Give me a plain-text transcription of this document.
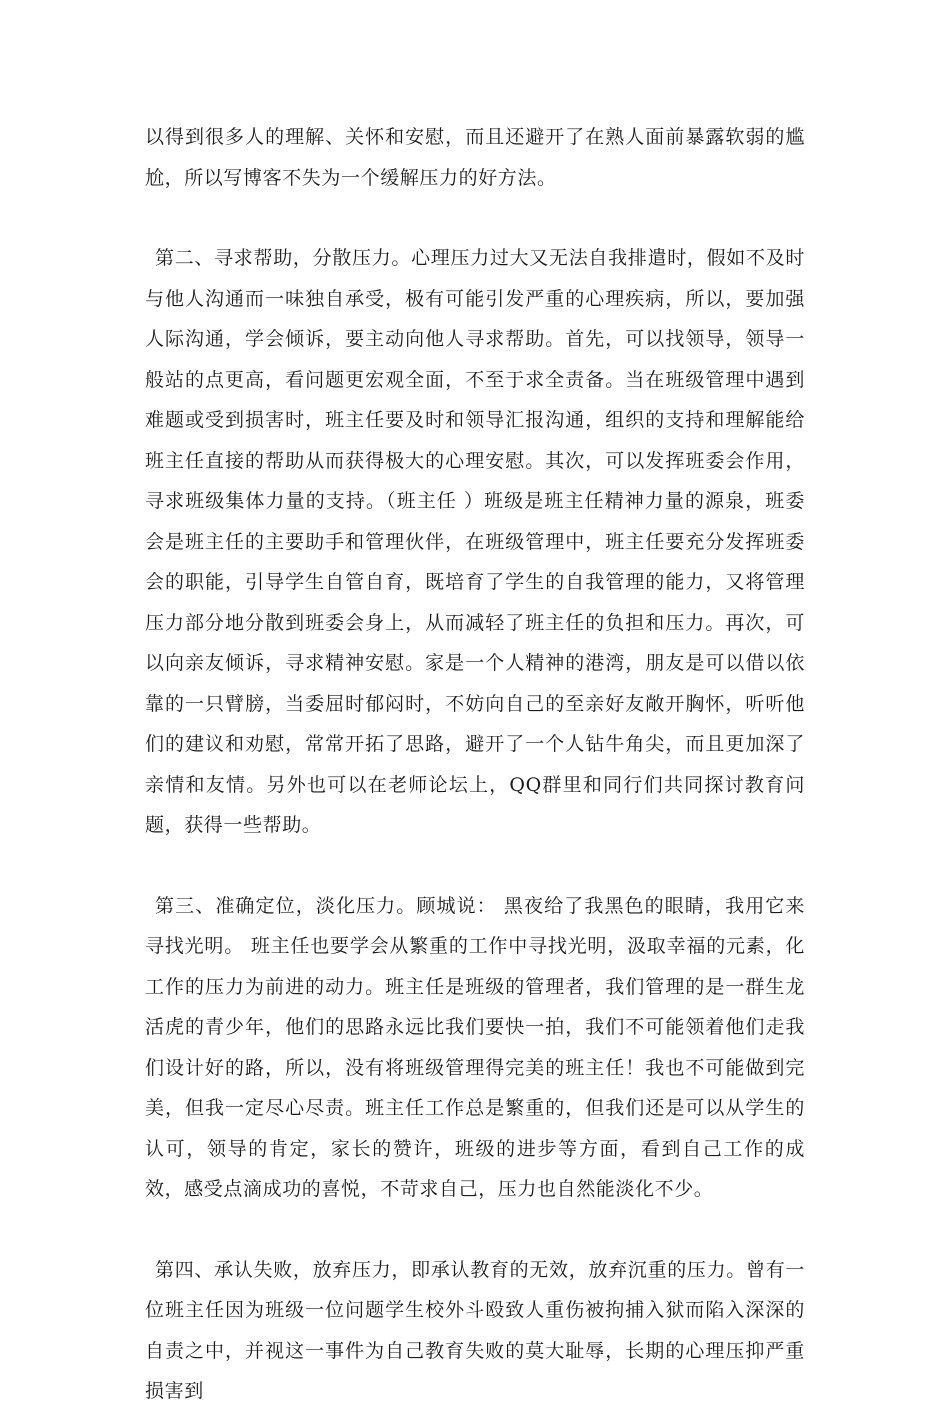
以得到很多人的理解、关怀和安慰，而且还避开了在熟人面前暴露软弱的尴尬，所以写博客不失为一个缓解压力的好方法。

第二、寻求帮助，分散压力。心理压力过大又无法自我排遣时，假如不及时与他人沟通而一味独自承受，极有可能引发严重的心理疾病，所以，要加强人际沟通，学会倾诉，要主动向他人寻求帮助。首先，可以找领导，领导一般站的点更高，看问题更宏观全面，不至于求全责备。当在班级管理中遇到难题或受到损害时，班主任要及时和领导汇报沟通，组织的支持和理解能给班主任直接的帮助从而获得极大的心理安慰。其次，可以发挥班委会作用，寻求班级集体力量的支持。（班主任 ）班级是班主任精神力量的源泉，班委会是班主任的主要助手和管理伙伴，在班级管理中，班主任要充分发挥班委会的职能，引导学生自管自育，既培育了学生的自我管理的能力，又将管理压力部分地分散到班委会身上，从而减轻了班主任的负担和压力。再次，可以向亲友倾诉，寻求精神安慰。家是一个人精神的港湾，朋友是可以借以依靠的一只臂膀，当委屈时郁闷时，不妨向自己的至亲好友敞开胸怀，听听他们的建议和劝慰，常常开拓了思路，避开了一个人钻牛角尖，而且更加深了亲情和友情。另外也可以在老师论坛上，QQ群里和同行们共同探讨教育问题，获得一些帮助。

第三、准确定位，淡化压力。顾城说： 黑夜给了我黑色的眼睛，我用它来寻找光明。 班主任也要学会从繁重的工作中寻找光明，汲取幸福的元素，化工作的压力为前进的动力。班主任是班级的管理者，我们管理的是一群生龙活虎的青少年，他们的思路永远比我们要快一拍，我们不可能领着他们走我们设计好的路，所以，没有将班级管理得完美的班主任！我也不可能做到完美，但我一定尽心尽责。班主任工作总是繁重的，但我们还是可以从学生的认可，领导的肯定，家长的赞许，班级的进步等方面，看到自己工作的成效，感受点滴成功的喜悦，不苛求自己，压力也自然能淡化不少。

第四、承认失败，放弃压力，即承认教育的无效，放弃沉重的压力。曾有一位班主任因为班级一位问题学生校外斗殴致人重伤被拘捕入狱而陷入深深的自责之中，并视这一事件为自己教育失败的莫大耻辱，长期的心理压抑严重损害到
